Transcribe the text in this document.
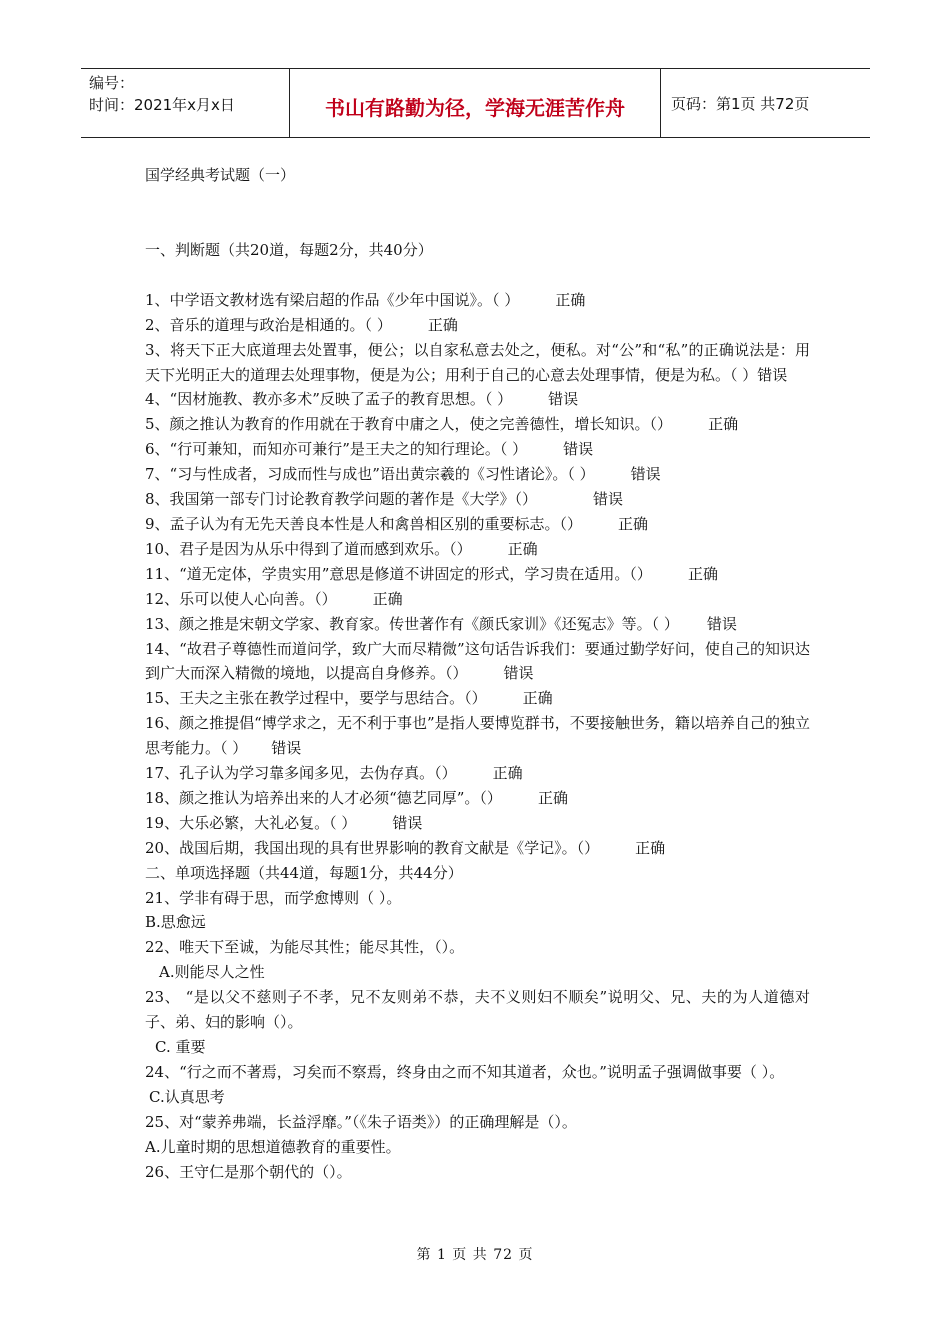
编号：
时间：2021年x月x日	书山有路勤为径，学海无涯苦作舟	页码：第1页 共72页

国学经典考试题（一）

一、判断题（共20道，每题2分，共40分）

1、中学语文教材选有梁启超的作品《少年中国说》。（ ） 正确

2、音乐的道理与政治是相通的。（ ） 正确

3、将天下正大底道理去处置事，便公；以自家私意去处之，便私。对“公”和“私”的正确说法是：用天下光明正大的道理去处理事物，便是为公；用利于自己的心意去处理事情，便是为私。（ ）错误

4、“因材施教、教亦多术”反映了孟子的教育思想。（ ） 错误

5、颜之推认为教育的作用就在于教育中庸之人，使之完善德性，增长知识。（） 正确

6、“行可兼知，而知亦可兼行”是王夫之的知行理论。（ ） 错误

7、“习与性成者，习成而性与成也”语出黄宗羲的《习性诸论》。（ ） 错误

8、我国第一部专门讨论教育教学问题的著作是《大学》（）	错误

9、孟子认为有无先天善良本性是人和禽兽相区别的重要标志。（） 正确

10、君子是因为从乐中得到了道而感到欢乐。（） 正确

11、“道无定体，学贵实用”意思是修道不讲固定的形式，学习贵在适用。（） 正确

12、乐可以使人心向善。（） 正确

13、颜之推是宋朝文学家、教育家。传世著作有《颜氏家训》《还冤志》等。（ ） 错误

14、“故君子尊德性而道问学，致广大而尽精微”这句话告诉我们：要通过勤学好问，使自己的知识达到广大而深入精微的境地，以提高自身修养。（） 错误

15、王夫之主张在教学过程中，要学与思结合。（） 正确

16、颜之推提倡“博学求之，无不利于事也”是指人要博览群书，不要接触世务，籍以培养自己的独立思考能力。（ ） 错误

17、孔子认为学习靠多闻多见，去伪存真。（） 正确

18、颜之推认为培养出来的人才必须“德艺同厚”。（） 正确

19、大乐必繁，大礼必复。（ ） 错误

20、战国后期，我国出现的具有世界影响的教育文献是《学记》。（） 正确

二、单项选择题（共44道，每题1分，共44分）

21、学非有碍于思，而学愈博则（ ）。

B.思愈远

22、唯天下至诚，为能尽其性；能尽其性，（）。

A.则能尽人之性

23、 “是以父不慈则子不孝，兄不友则弟不恭，夫不义则妇不顺矣”说明父、兄、夫的为人道德对子、弟、妇的影响（）。

C. 重要

24、“行之而不著焉，习矣而不察焉，终身由之而不知其道者，众也。”说明孟子强调做事要（ ）。

C.认真思考

25、对“蒙养弗端，长益浮靡。”（《朱子语类》）的正确理解是（）。

A.儿童时期的思想道德教育的重要性。

26、王守仁是那个朝代的（）。

第 1 页 共 72 页
